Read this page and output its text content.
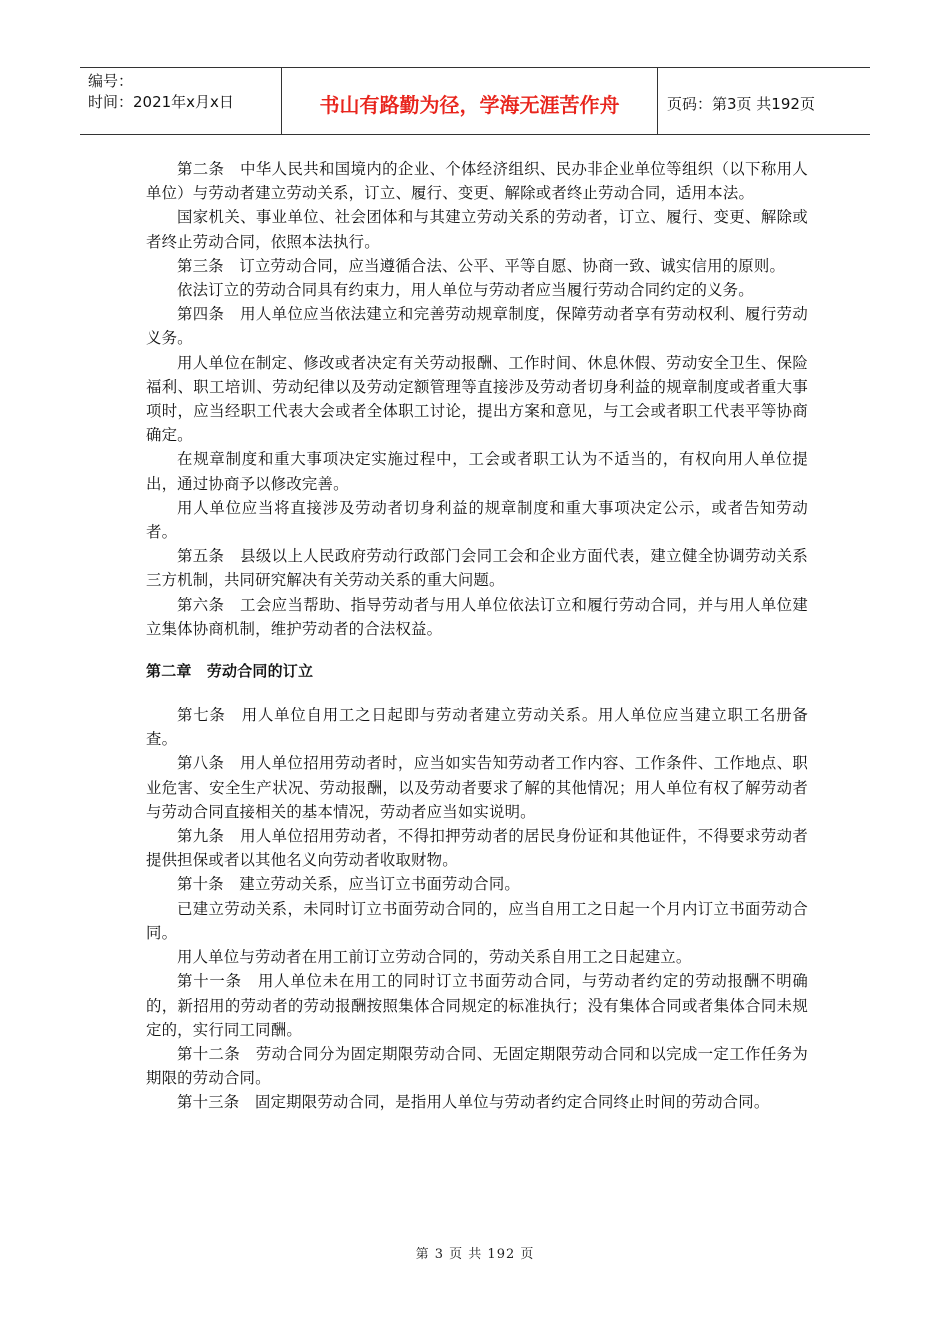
编号：
时间：2021年x月x日	书山有路勤为径，学海无涯苦作舟	页码：第3页 共192页

第二条　中华人民共和国境内的企业、个体经济组织、民办非企业单位等组织（以下称用人单位）与劳动者建立劳动关系，订立、履行、变更、解除或者终止劳动合同，适用本法。

国家机关、事业单位、社会团体和与其建立劳动关系的劳动者，订立、履行、变更、解除或者终止劳动合同，依照本法执行。

第三条　订立劳动合同，应当遵循合法、公平、平等自愿、协商一致、诚实信用的原则。

依法订立的劳动合同具有约束力，用人单位与劳动者应当履行劳动合同约定的义务。

第四条　用人单位应当依法建立和完善劳动规章制度，保障劳动者享有劳动权利、履行劳动义务。

用人单位在制定、修改或者决定有关劳动报酬、工作时间、休息休假、劳动安全卫生、保险福利、职工培训、劳动纪律以及劳动定额管理等直接涉及劳动者切身利益的规章制度或者重大事项时，应当经职工代表大会或者全体职工讨论，提出方案和意见，与工会或者职工代表平等协商确定。

在规章制度和重大事项决定实施过程中，工会或者职工认为不适当的，有权向用人单位提出，通过协商予以修改完善。

用人单位应当将直接涉及劳动者切身利益的规章制度和重大事项决定公示，或者告知劳动者。

第五条　县级以上人民政府劳动行政部门会同工会和企业方面代表，建立健全协调劳动关系三方机制，共同研究解决有关劳动关系的重大问题。

第六条　工会应当帮助、指导劳动者与用人单位依法订立和履行劳动合同，并与用人单位建立集体协商机制，维护劳动者的合法权益。

第二章　劳动合同的订立

第七条　用人单位自用工之日起即与劳动者建立劳动关系。用人单位应当建立职工名册备查。

第八条　用人单位招用劳动者时，应当如实告知劳动者工作内容、工作条件、工作地点、职业危害、安全生产状况、劳动报酬，以及劳动者要求了解的其他情况；用人单位有权了解劳动者与劳动合同直接相关的基本情况，劳动者应当如实说明。

第九条　用人单位招用劳动者，不得扣押劳动者的居民身份证和其他证件，不得要求劳动者提供担保或者以其他名义向劳动者收取财物。

第十条　建立劳动关系，应当订立书面劳动合同。

已建立劳动关系，未同时订立书面劳动合同的，应当自用工之日起一个月内订立书面劳动合同。

用人单位与劳动者在用工前订立劳动合同的，劳动关系自用工之日起建立。

第十一条　用人单位未在用工的同时订立书面劳动合同，与劳动者约定的劳动报酬不明确的，新招用的劳动者的劳动报酬按照集体合同规定的标准执行；没有集体合同或者集体合同未规定的，实行同工同酬。

第十二条　劳动合同分为固定期限劳动合同、无固定期限劳动合同和以完成一定工作任务为期限的劳动合同。

第十三条　固定期限劳动合同，是指用人单位与劳动者约定合同终止时间的劳动合同。

第 3 页 共 192 页
